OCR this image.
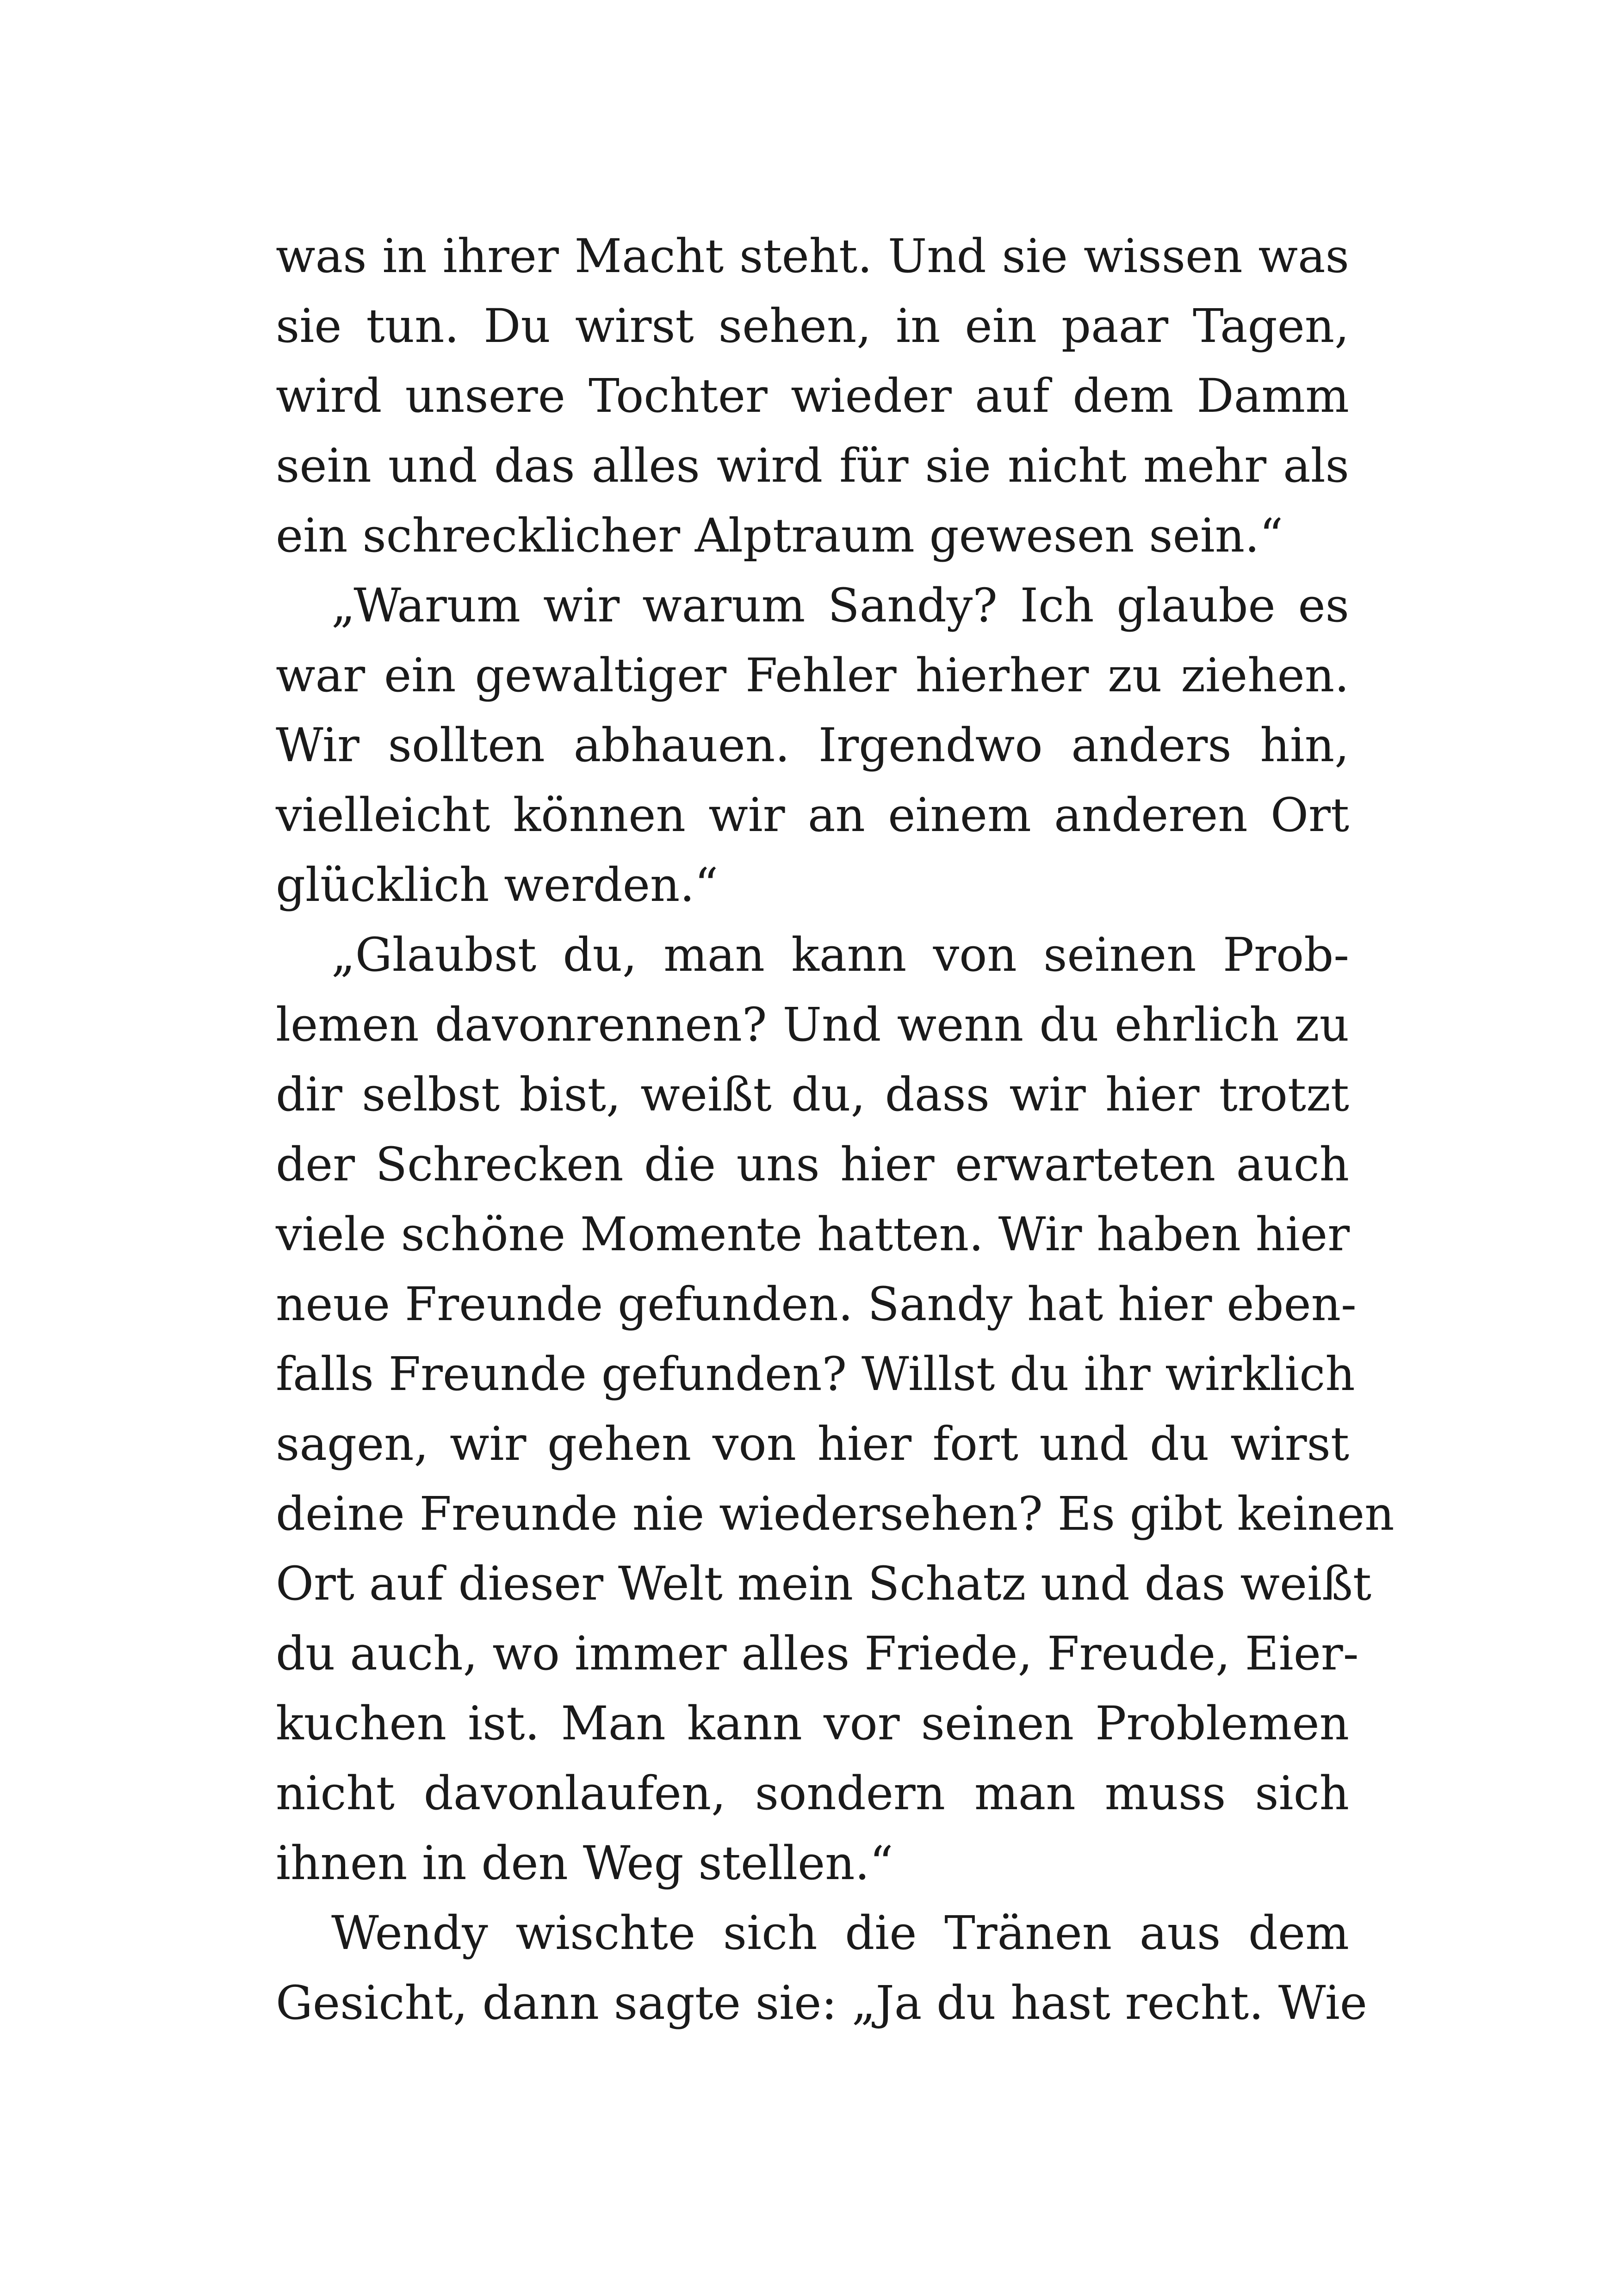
was in ihrer Macht steht. Und sie wissen was
sie tun. Du wirst sehen, in ein paar Tagen,
wird unsere Tochter wieder auf dem Damm
sein und das alles wird für sie nicht mehr als
ein schrecklicher Alptraum gewesen sein.“
„Warum wir warum Sandy? Ich glaube es
war ein gewaltiger Fehler hierher zu ziehen.
Wir sollten abhauen. Irgendwo anders hin,
vielleicht können wir an einem anderen Ort
glücklich werden.“
„Glaubst du, man kann von seinen Prob-
lemen davonrennen? Und wenn du ehrlich zu
dir selbst bist, weißt du, dass wir hier trotzt
der Schrecken die uns hier erwarteten auch
viele schöne Momente hatten. Wir haben hier
neue Freunde gefunden. Sandy hat hier eben-
falls Freunde gefunden? Willst du ihr wirklich
sagen, wir gehen von hier fort und du wirst
deine Freunde nie wiedersehen? Es gibt keinen
Ort auf dieser Welt mein Schatz und das weißt
du auch, wo immer alles Friede, Freude, Eier-
kuchen ist. Man kann vor seinen Problemen
nicht davonlaufen, sondern man muss sich
ihnen in den Weg stellen.“
Wendy wischte sich die Tränen aus dem
Gesicht, dann sagte sie: „Ja du hast recht. Wie
